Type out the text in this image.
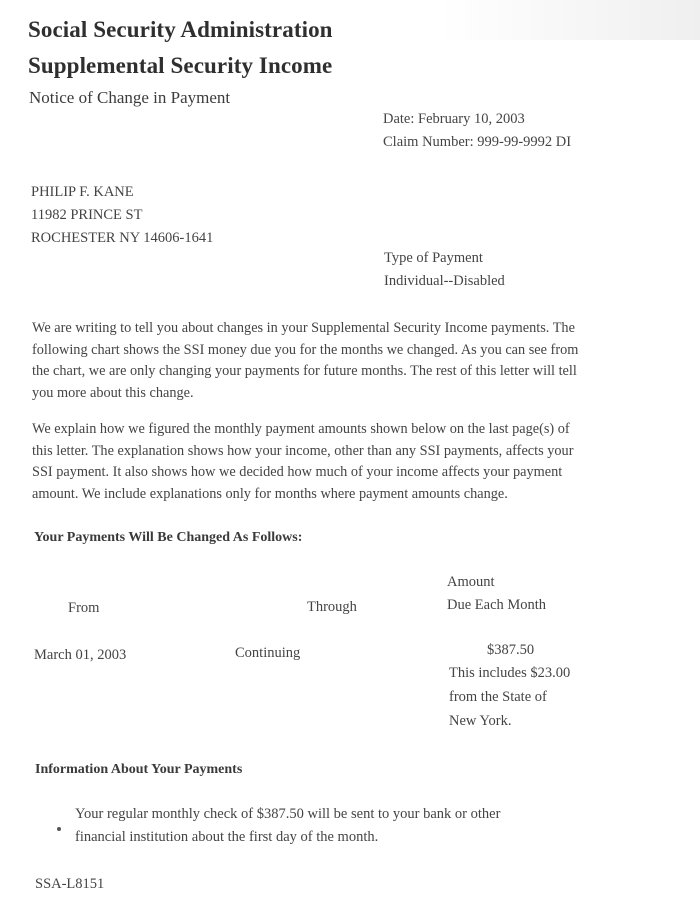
Social Security Administration
Supplemental Security Income
Notice of Change in Payment
Date: February 10, 2003
Claim Number: 999-99-9992 DI
PHILIP F. KANE
11982 PRINCE ST
ROCHESTER NY 14606-1641
Type of Payment
Individual--Disabled
We are writing to tell you about changes in your Supplemental Security Income payments. The
following chart shows the SSI money due you for the months we changed. As you can see from
the chart, we are only changing your payments for future months. The rest of this letter will tell
you more about this change.
We explain how we figured the monthly payment amounts shown below on the last page(s) of
this letter. The explanation shows how your income, other than any SSI payments, affects your
SSI payment. It also shows how we decided how much of your income affects your payment
amount. We include explanations only for months where payment amounts change.
Your Payments Will Be Changed As Follows:
Amount
From	Through	Due Each Month
March 01, 2003	Continuing	$387.50
This includes $23.00
from the State of
New York.
Information About Your Payments
Your regular monthly check of $387.50 will be sent to your bank or other
financial institution about the first day of the month.
SSA-L8151
